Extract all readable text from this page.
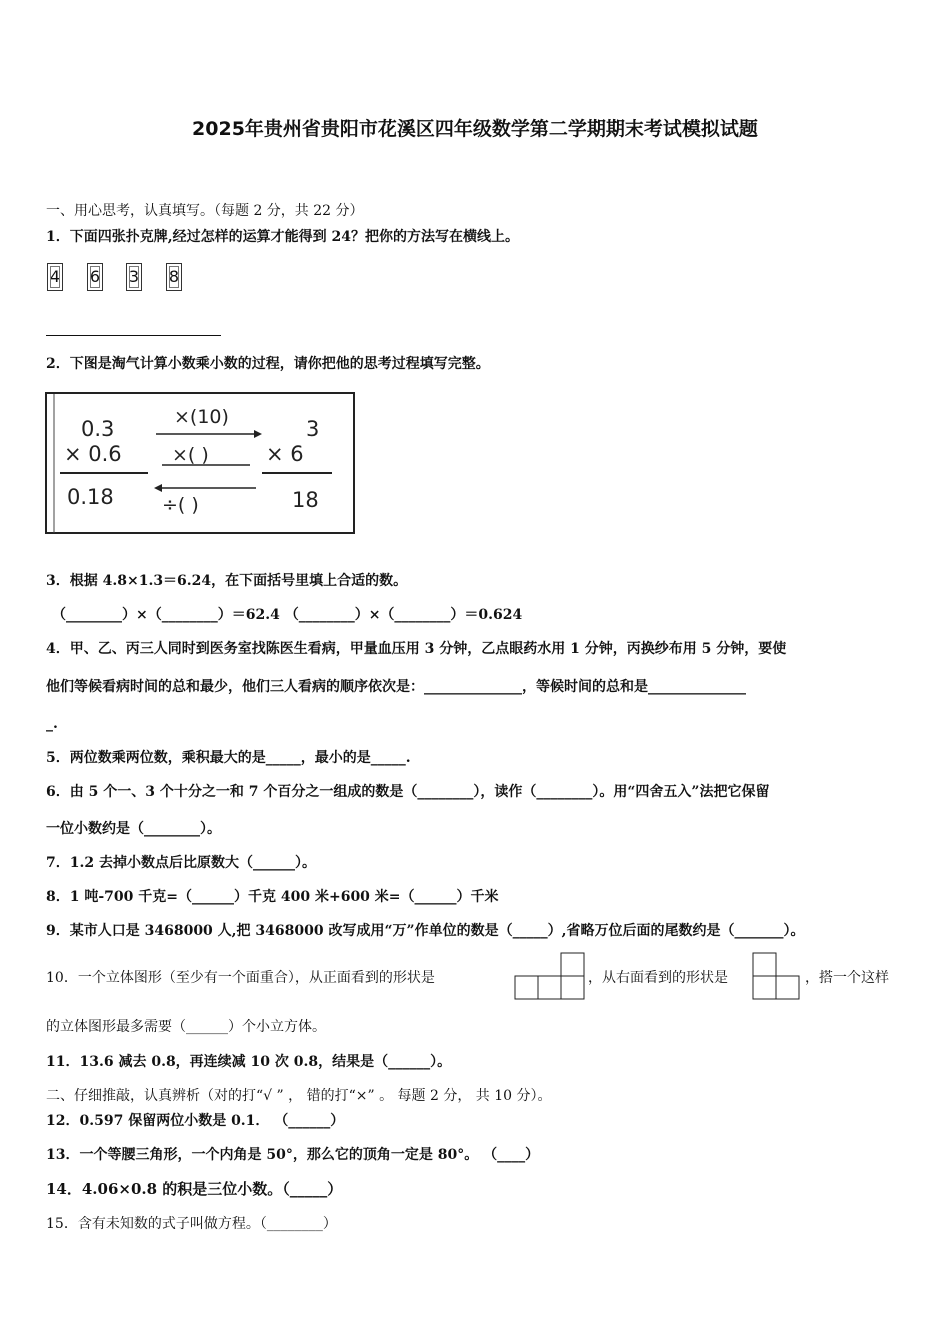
2025年贵州省贵阳市花溪区四年级数学第二学期期末考试模拟试题
一、用心思考，认真填写。（每题 2 分，共 22 分）
1．下面四张扑克牌,经过怎样的运算才能得到 24？把你的方法写在横线上。
4 6 3 8
2．下图是淘气计算小数乘小数的过程，请你把他的思考过程填写完整。
0.3
× 0.6
0.18
×(10)
×( )
÷( )
3
× 6
18
3．根据 4.8×1.3＝6.24，在下面括号里填上合适的数。
（________）×（________）＝62.4 （________）×（________）＝0.624
4．甲、乙、丙三人同时到医务室找陈医生看病，甲量血压用 3 分钟，乙点眼药水用 1 分钟，丙换纱布用 5 分钟，要使
他们等候看病时间的总和最少，他们三人看病的顺序依次是：______________，等候时间的总和是______________
_.
5．两位数乘两位数，乘积最大的是_____，最小的是_____.
6．由 5 个一、3 个十分之一和 7 个百分之一组成的数是（________），读作（________）。用“四舍五入”法把它保留
一位小数约是（________）。
7．1.2 去掉小数点后比原数大（______）。
8．1 吨-700 千克=（______）千克 400 米+600 米=（______）千米
9．某市人口是 3468000 人,把 3468000 改写成用“万”作单位的数是（_____）,省略万位后面的尾数约是（_______）。
10．一个立体图形（至少有一个面重合），从正面看到的形状是	，从右面看到的形状是	，搭一个这样
的立体图形最多需要（______）个小立方体。
11．13.6 减去 0.8，再连续减 10 次 0.8，结果是（______）。
二、仔细推敲，认真辨析（对的打“√ ” ， 错的打“×” 。 每题 2 分， 共 10 分）。
12．0.597 保留两位小数是 0.1． （______）
13．一个等腰三角形，一个内角是 50°，那么它的顶角一定是 80°。 （____）
14．4.06×0.8 的积是三位小数。（_____）
15．含有未知数的式子叫做方程。（________）
